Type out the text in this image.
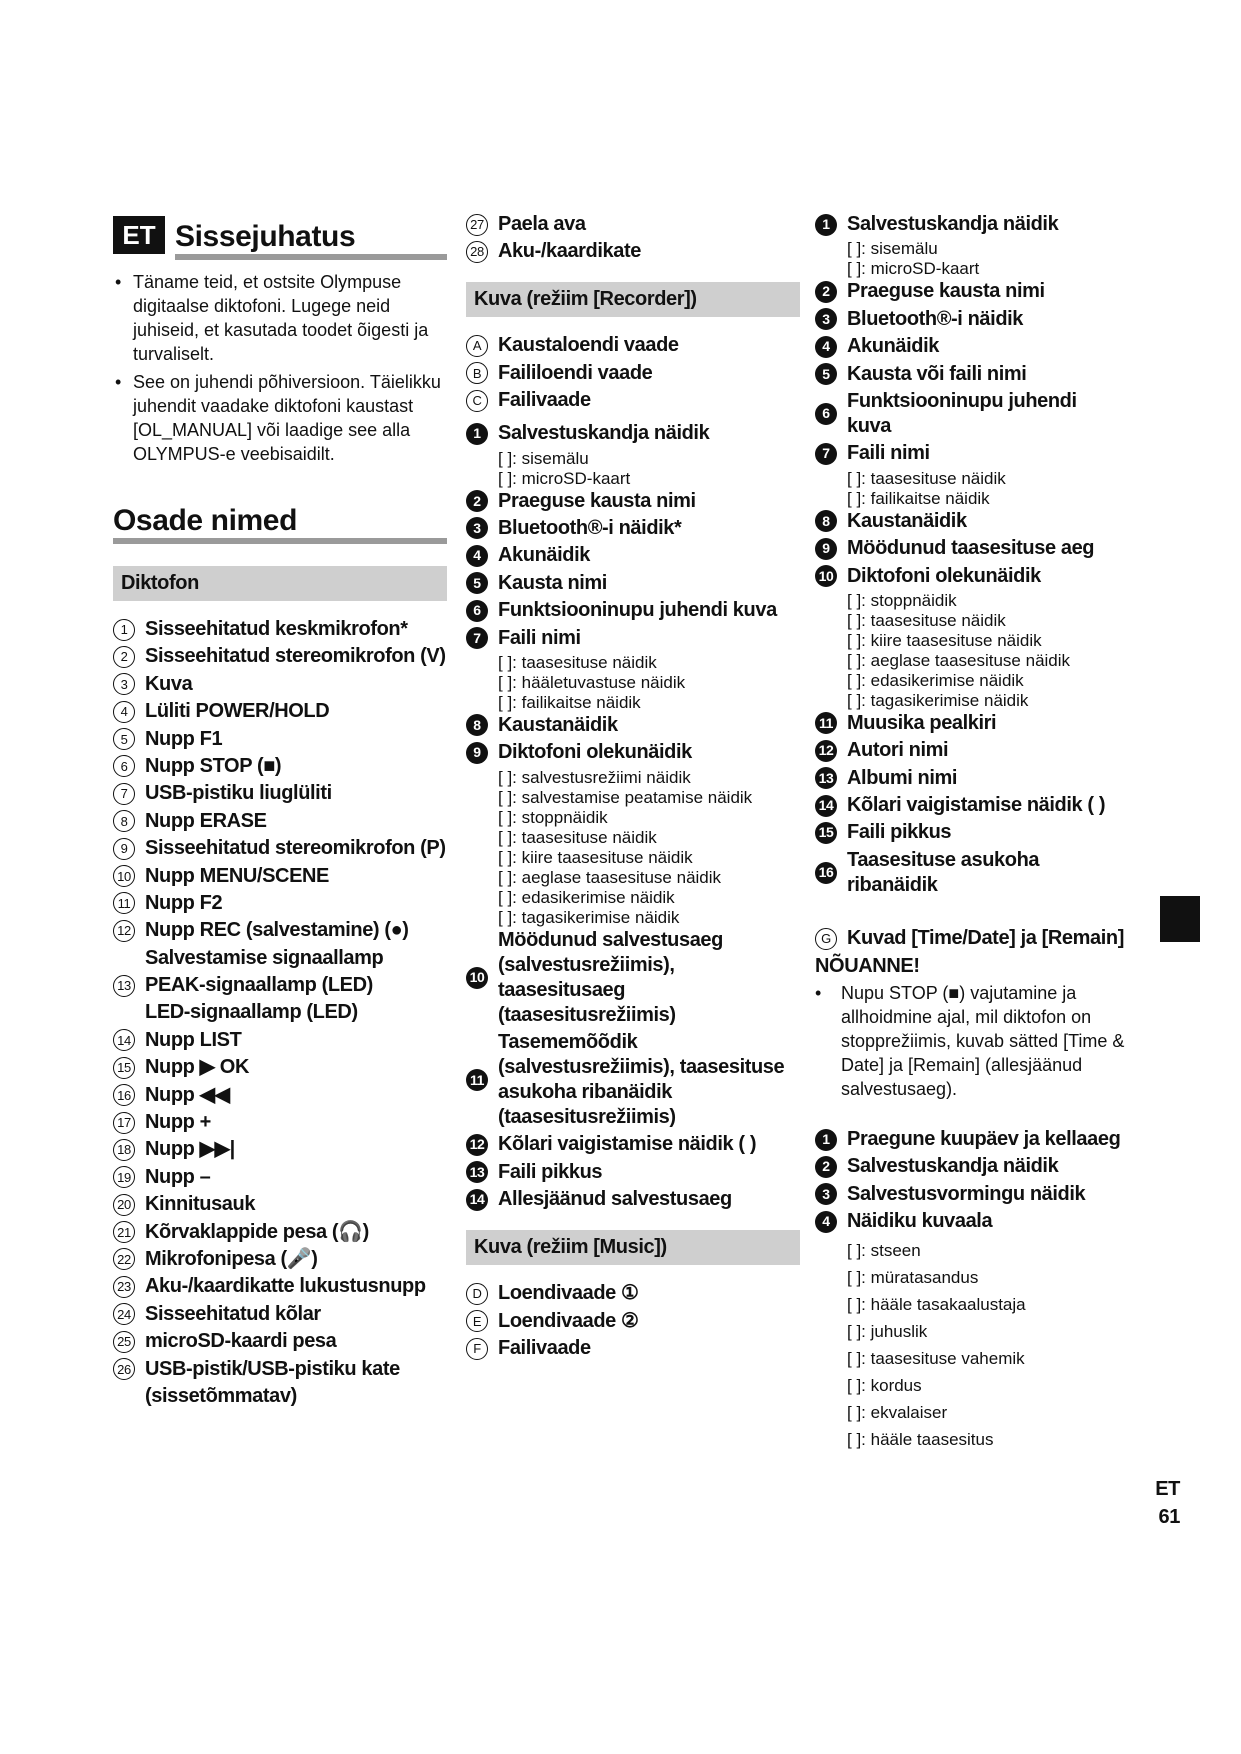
ET Sissejuhatus
• Täname teid, et ostsite Olympuse digitaalse diktofoni. Lugege neid juhiseid, et kasutada toodet õigesti ja turvaliselt.
• See on juhendi põhiversioon. Täielikku juhendit vaadake diktofoni kaustast [OL_MANUAL] või laadige see alla OLYMPUS-e veebisaidilt.
Osade nimed
Diktofon
1 Sisseehitatud keskmikrofon*
2 Sisseehitatud stereomikrofon (V)
3 Kuva
4 Lüliti POWER/HOLD
5 Nupp F1
6 Nupp STOP (■)
7 USB-pistiku liuglüliti
8 Nupp ERASE
9 Sisseehitatud stereomikrofon (P)
10 Nupp MENU/SCENE
11 Nupp F2
12 Nupp REC (salvestamine) (●)
Salvestamise signaallamp
13 PEAK-signaallamp (LED)
LED-signaallamp (LED)
14 Nupp LIST
15 Nupp ▶ OK
16 Nupp ◀◀
17 Nupp +
18 Nupp ▶▶|
19 Nupp –
20 Kinnitusauk
21 Kõrvaklappide pesa (🎧)
22 Mikrofonipesa (🎤)
23 Aku-/kaardikatte lukustusnupp
24 Sisseehitatud kõlar
25 microSD-kaardi pesa
26 USB-pistik/USB-pistiku kate
(sissetõmmatav)
27 Paela ava
28 Aku-/kaardikate
Kuva (režiim [Recorder])
A Kaustaloendi vaade
B Faililoendi vaade
C Failivaade
1 Salvestuskandja näidik
[ ]: sisemälu
[ ]: microSD-kaart
2 Praeguse kausta nimi
3 Bluetooth®-i näidik*
4 Akunäidik
5 Kausta nimi
6 Funktsiooninupu juhendi kuva
7 Faili nimi
[ ]: taasesituse näidik
[ ]: hääletuvastuse näidik
[ ]: failikaitse näidik
8 Kaustanäidik
9 Diktofoni olekunäidik
[ ]: salvestusrežiimi näidik
[ ]: salvestamise peatamise näidik
[ ]: stoppnäidik
[ ]: taasesituse näidik
[ ]: kiire taasesituse näidik
[ ]: aeglase taasesituse näidik
[ ]: edasikerimise näidik
[ ]: tagasikerimise näidik
10
Möödunud salvestusaeg (salvestusrežiimis), taasesitusaeg (taasesitusrežiimis)
11
Tasememõõdik (salvestusrežiimis), taasesituse asukoha ribanäidik (taasesitusrežiimis)
12 Kõlari vaigistamise näidik ( )
13 Faili pikkus
14 Allesjäänud salvestusaeg
Kuva (režiim [Music])
D Loendivaade ①
E Loendivaade ②
F Failivaade
1 Salvestuskandja näidik
[ ]: sisemälu
[ ]: microSD-kaart
2 Praeguse kausta nimi
3 Bluetooth®-i näidik
4 Akunäidik
5 Kausta või faili nimi
6
Funktsiooninupu juhendi kuva
7 Faili nimi
[ ]: taasesituse näidik
[ ]: failikaitse näidik
8 Kaustanäidik
9 Möödunud taasesituse aeg
10 Diktofoni olekunäidik
[ ]: stoppnäidik
[ ]: taasesituse näidik
[ ]: kiire taasesituse näidik
[ ]: aeglase taasesituse näidik
[ ]: edasikerimise näidik
[ ]: tagasikerimise näidik
11 Muusika pealkiri
12 Autori nimi
13 Albumi nimi
14 Kõlari vaigistamise näidik ( )
15 Faili pikkus
16
Taasesituse asukoha ribanäidik
G Kuvad [Time/Date] ja [Remain]
NÕUANNE!
•	Nupu STOP (■) vajutamine ja allhoidmine ajal, mil diktofon on stopprežiimis, kuvab sätted [Time & Date] ja [Remain] (allesjäänud salvestusaeg).
1 Praegune kuupäev ja kellaaeg
2 Salvestuskandja näidik
3 Salvestusvormingu näidik
4 Näidiku kuvaala
[ ]: stseen
[ ]: müratasandus
[ ]: hääle tasakaalustaja
[ ]: juhuslik
[ ]: taasesituse vahemik
[ ]: kordus
[ ]: ekvalaiser
[ ]: hääle taasesitus
ET
61
